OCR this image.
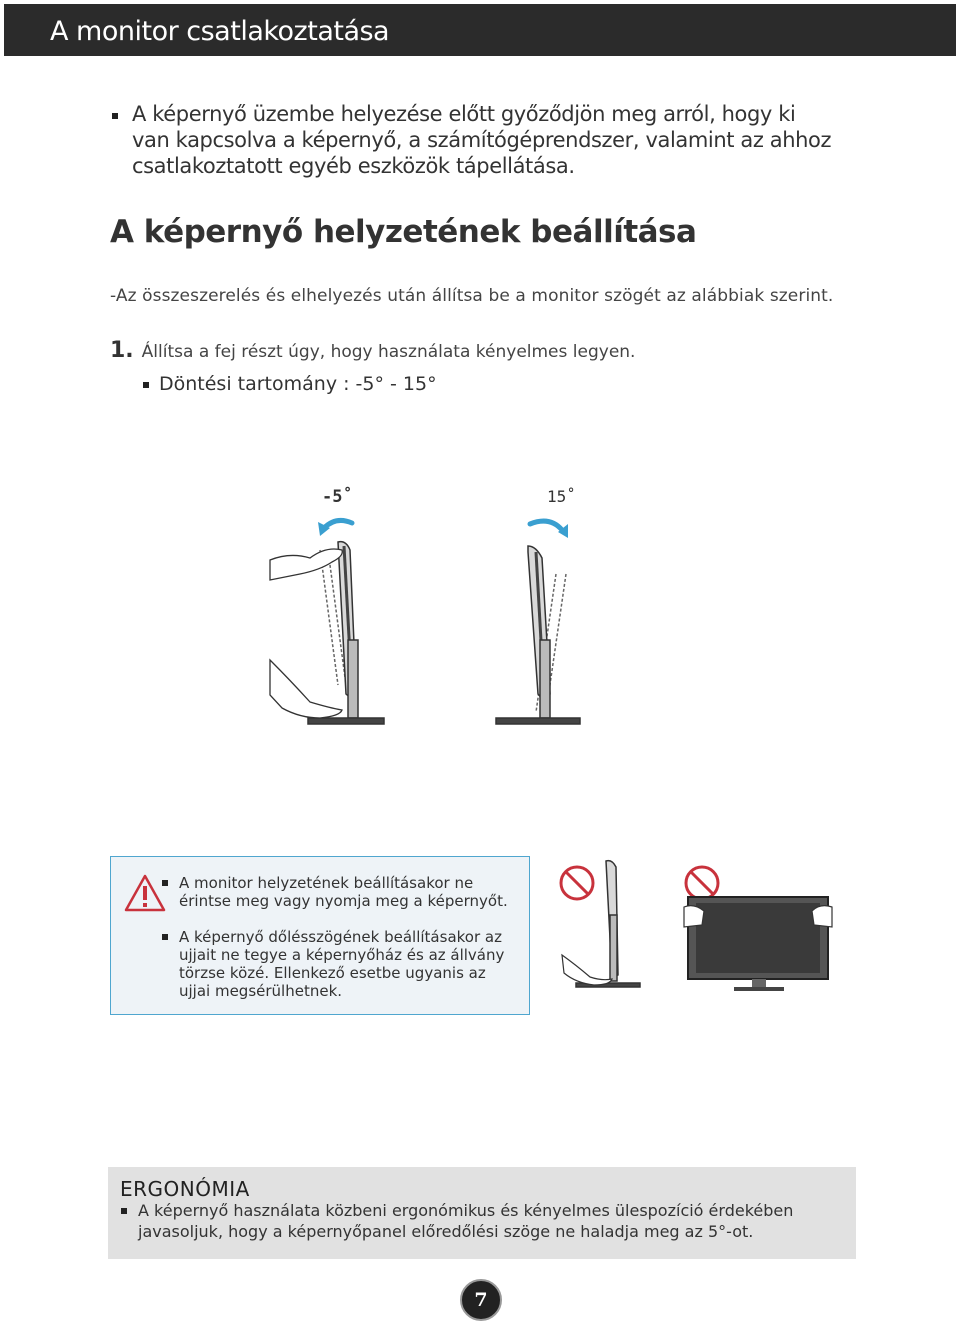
A monitor csatlakoztatása
A képernyő üzembe helyezése előtt győződjön meg arról, hogy ki van kapcsolva a képernyő, a számítógéprendszer, valamint az ahhoz csatlakoztatott egyéb eszközök tápellátása.
A képernyő helyzetének beállítása
-Az összeszerelés és elhelyezés után állítsa be a monitor szögét az alábbiak szerint.
1. Állítsa a fej részt úgy, hogy használata kényelmes legyen.
Döntési tartomány : -5° - 15°
-5˚	15˚
A monitor helyzetének beállításakor ne érintse meg vagy nyomja meg a képernyőt.
A képernyő dőlésszögének beállításakor az ujjait ne tegye a képernyőház és az állvány törzse közé. Ellenkező esetbe ugyanis az ujjai megsérülhetnek.
ERGONÓMIA
A képernyő használata közbeni ergonómikus és kényelmes ülespozíció érdekében javasoljuk, hogy a képernyőpanel előredőlési szöge ne haladja meg az 5°-ot.
7
